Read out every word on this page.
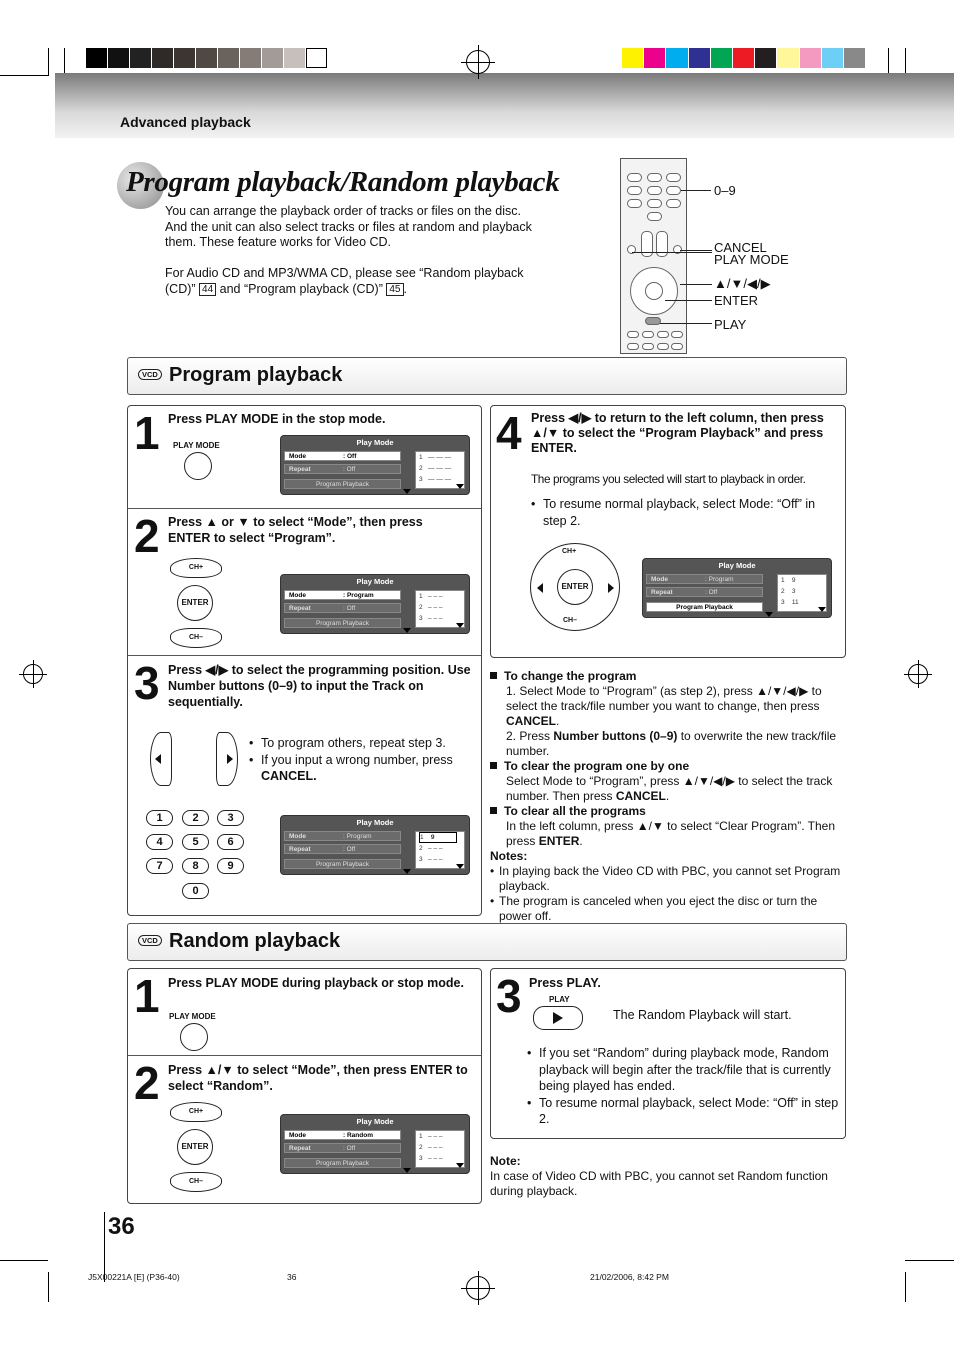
Advanced playback
Program playback/Random playback
You can arrange the playback order of tracks or files on the disc. And the unit can also select tracks or files at random and playback them. These feature works for Video CD.
For Audio CD and MP3/WMA CD, please see “Random playback (CD)” 44 and “Program playback (CD)” 45 .
0–9
CANCEL
PLAY MODE
▲/▼/◀/▶
ENTER
PLAY
VCD Program playback
1 Press PLAY MODE in the stop mode.
PLAY MODE	Play Mode
Mode	: Off
Repeat	: Off
Program Playback
1 — — —
2 — — —
3 — — —
2 Press ▲ or ▼ to select “Mode”, then press ENTER to select “Program”.
CH+
ENTER
CH–
Play Mode
Mode	: Program
Repeat	: Off
Program Playback
1 – – –
2 – – –
3 – – –
3 Press ◀/▶ to select the programming position. Use Number buttons (0–9) to input the Track on sequentially.
• To program others, repeat step 3.
• If you input a wrong number, press CANCEL.
1	2	3
4	5	6
7	8	9
0
Play Mode
Mode	: Program
Repeat	: Off
Program Playback
1 9
2 – – –
3 – – –
4 Press ◀/▶ to return to the left column, then press ▲/▼ to select the “Program Playback” and press ENTER.
The programs you selected will start to playback in order.
• To resume normal playback, select Mode: “Off” in step 2.
CH+
ENTER
CH–
Play Mode
Mode	: Program
Repeat	: Off
Program Playback
1 9
2 3
3 11
To change the program
1. Select Mode to “Program” (as step 2), press ▲/▼/◀/▶ to select the track/file number you want to change, then press CANCEL.
2. Press Number buttons (0–9) to overwrite the new track/file number.
To clear the program one by one
Select Mode to “Program”, press ▲/▼/◀/▶ to select the track number. Then press CANCEL.
To clear all the programs
In the left column, press ▲/▼ to select “Clear Program”. Then press ENTER.
Notes:
• In playing back the Video CD with PBC, you cannot set Program playback.
• The program is canceled when you eject the disc or turn the power off.
VCD Random playback
1 Press PLAY MODE during playback or stop mode.
PLAY MODE
2 Press ▲/▼ to select “Mode”, then press ENTER to select “Random”.
CH+
ENTER
CH–
Play Mode
Mode	: Random
Repeat	: Off
Program Playback
1 – – –
2 – – –
3 – – –
3 Press PLAY.
PLAY
The Random Playback will start.
• If you set “Random” during playback mode, Random playback will begin after the track/file that is currently being played has ended.
• To resume normal playback, select Mode: “Off” in step 2.
Note:
In case of Video CD with PBC, you cannot set Random function during playback.
36
J5X00221A [E] (P36-40)	36	21/02/2006, 8:42 PM
